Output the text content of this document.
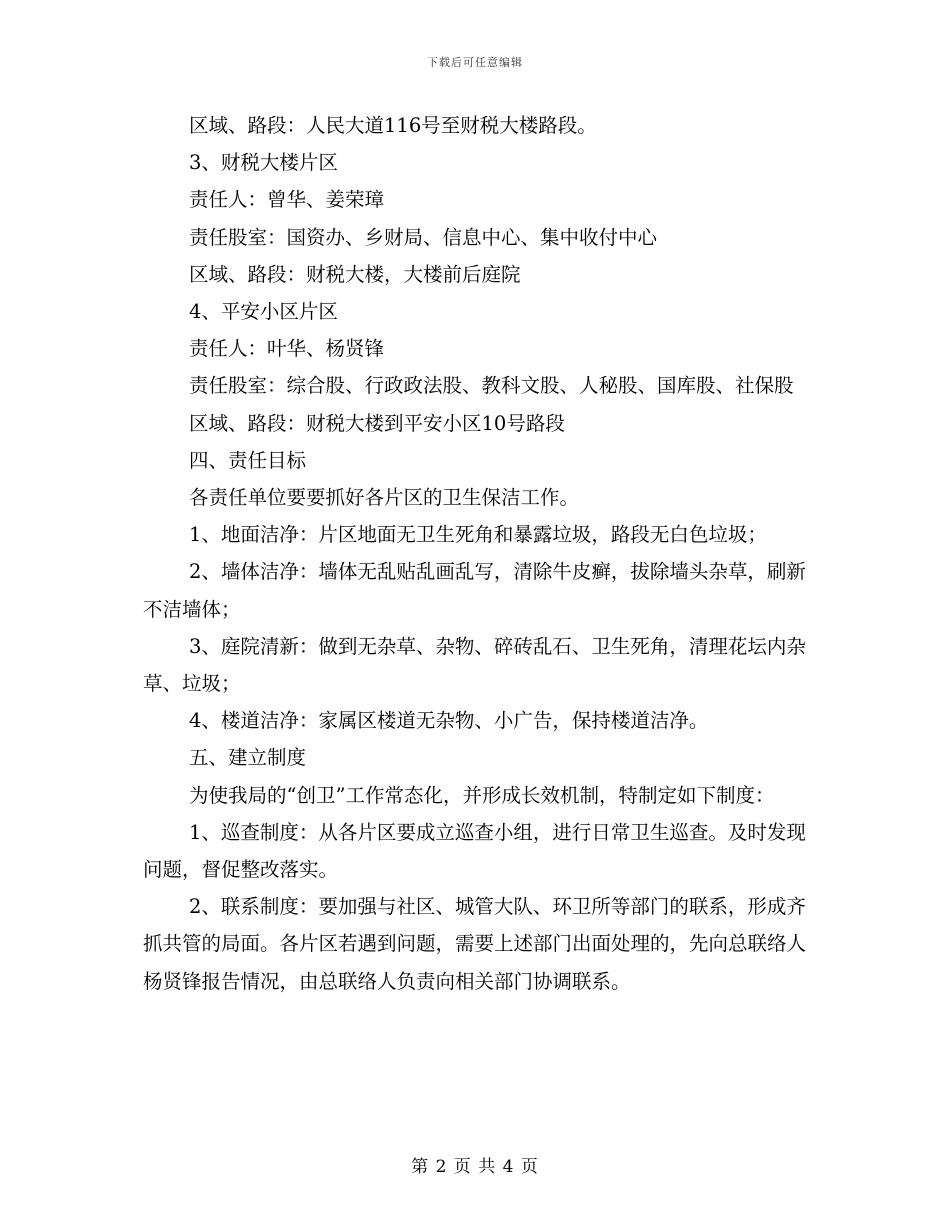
下载后可任意编辑

区域、路段：人民大道116号至财税大楼路段。

3、财税大楼片区

责任人：曾华、姜荣璋

责任股室：国资办、乡财局、信息中心、集中收付中心

区域、路段：财税大楼，大楼前后庭院

4、平安小区片区

责任人：叶华、杨贤锋

责任股室：综合股、行政政法股、教科文股、人秘股、国库股、社保股

区域、路段：财税大楼到平安小区10号路段

四、责任目标

各责任单位要要抓好各片区的卫生保洁工作。

1、地面洁净：片区地面无卫生死角和暴露垃圾，路段无白色垃圾；

2、墙体洁净：墙体无乱贴乱画乱写，清除牛皮癣，拔除墙头杂草，刷新不洁墙体；

3、庭院清新：做到无杂草、杂物、碎砖乱石、卫生死角，清理花坛内杂草、垃圾；

4、楼道洁净：家属区楼道无杂物、小广告，保持楼道洁净。

五、建立制度

为使我局的“创卫”工作常态化，并形成长效机制，特制定如下制度：

1、巡查制度：从各片区要成立巡查小组，进行日常卫生巡查。及时发现问题，督促整改落实。

2、联系制度：要加强与社区、城管大队、环卫所等部门的联系，形成齐抓共管的局面。各片区若遇到问题，需要上述部门出面处理的，先向总联络人杨贤锋报告情况，由总联络人负责向相关部门协调联系。

第 2 页 共 4 页
